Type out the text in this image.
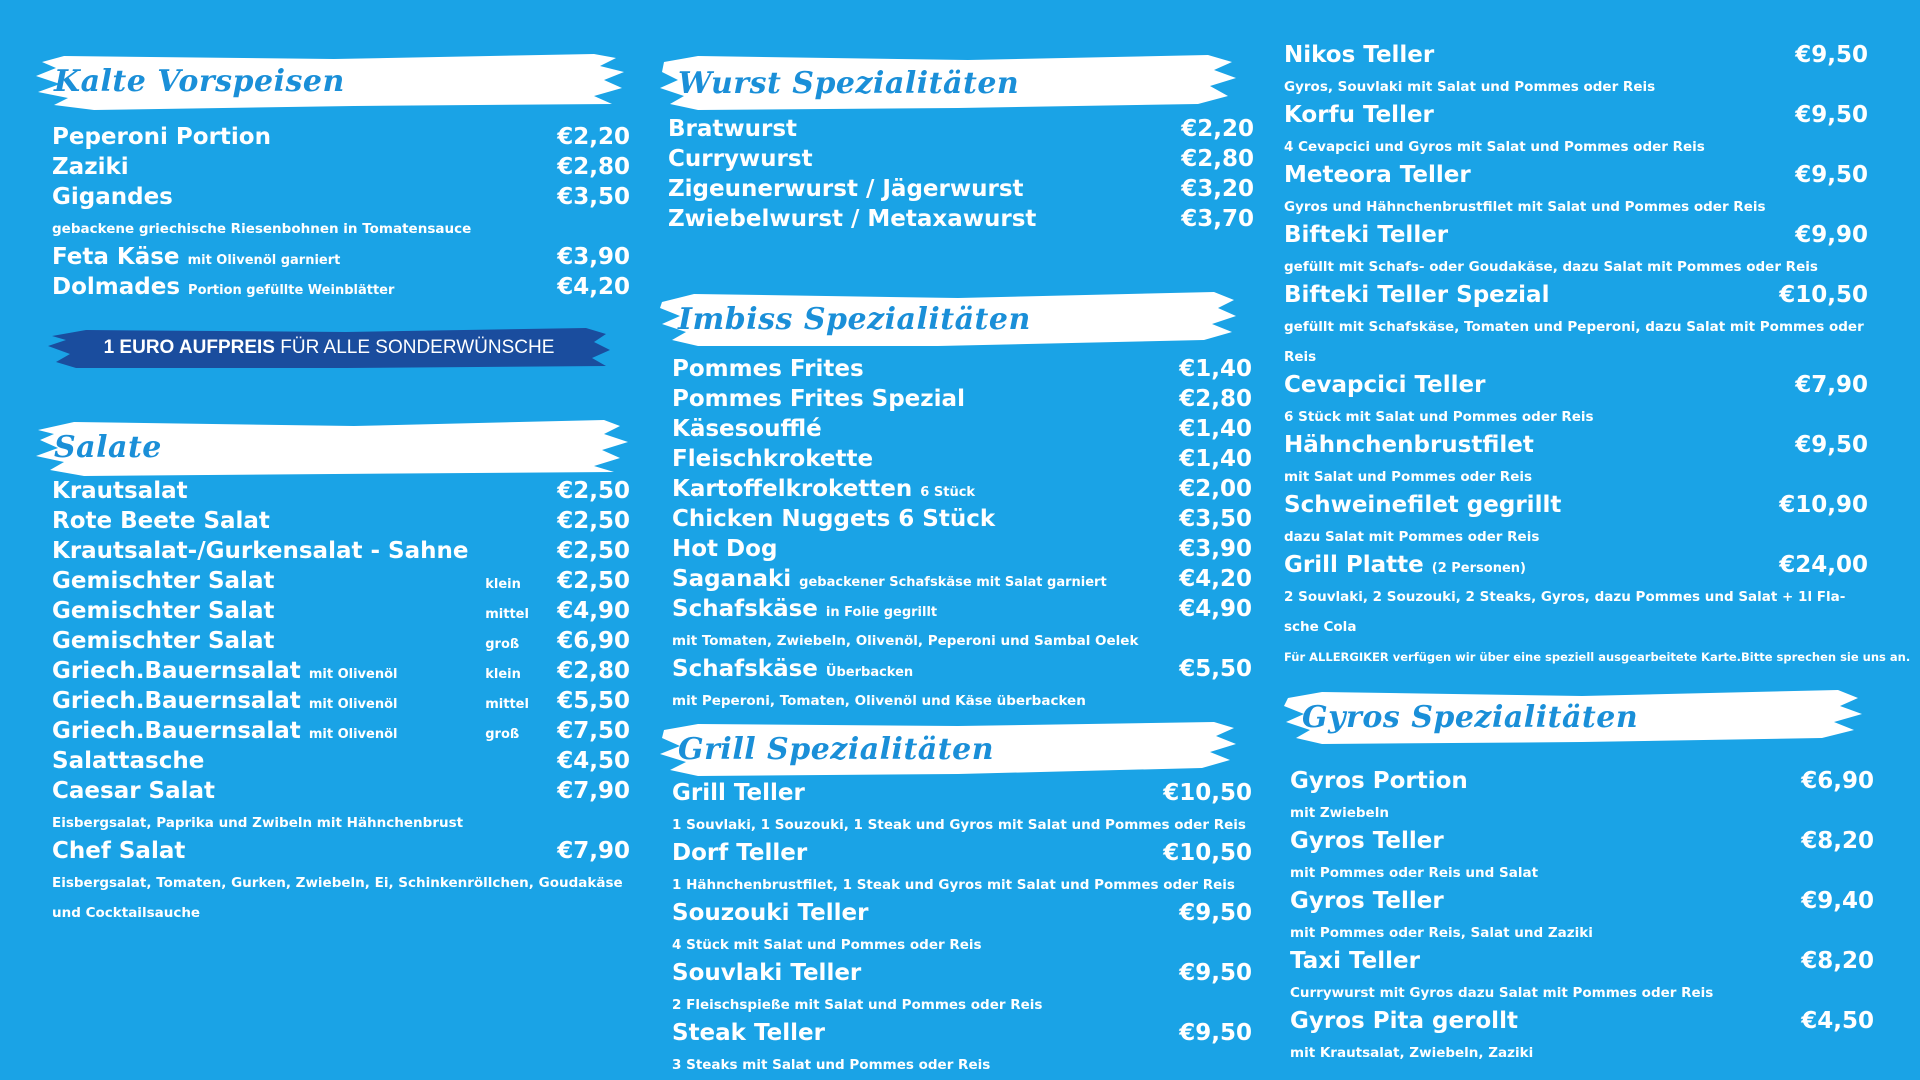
Kalte Vorspeisen
Peperoni Portion	€2,20
Zaziki	€2,80
Gigandes	€3,50
gebackene griechische Riesenbohnen in Tomatensauce
Feta Käse mit Olivenöl garniert	€3,90
Dolmades Portion gefüllte Weinblätter	€4,20
1 EURO AUFPREIS FÜR ALLE SONDERWÜNSCHE
Salate
Krautsalat	€2,50
Rote Beete Salat	€2,50
Krautsalat-/Gurkensalat - Sahne	€2,50
Gemischter Salat	klein	€2,50
Gemischter Salat	mittel	€4,90
Gemischter Salat	groß	€6,90
Griech.Bauernsalat mit Olivenöl	klein	€2,80
Griech.Bauernsalat mit Olivenöl	mittel	€5,50
Griech.Bauernsalat mit Olivenöl	groß	€7,50
Salattasche	€4,50
Caesar Salat	€7,90
Eisbergsalat, Paprika und Zwibeln mit Hähnchenbrust
Chef Salat	€7,90
Eisbergsalat, Tomaten, Gurken, Zwiebeln, Ei, Schinkenröllchen, Goudakäse und Cocktailsauche
Wurst Spezialitäten
Bratwurst	€2,20
Currywurst	€2,80
Zigeunerwurst / Jägerwurst	€3,20
Zwiebelwurst / Metaxawurst	€3,70
Imbiss Spezialitäten
Pommes Frites	€1,40
Pommes Frites Spezial	€2,80
Käsesoufflé	€1,40
Fleischkrokette	€1,40
Kartoffelkroketten 6 Stück	€2,00
Chicken Nuggets 6 Stück	€3,50
Hot Dog	€3,90
Saganaki gebackener Schafskäse mit Salat garniert	€4,20
Schafskäse in Folie gegrillt	€4,90
mit Tomaten, Zwiebeln, Olivenöl, Peperoni und Sambal Oelek
Schafskäse Überbacken	€5,50
mit Peperoni, Tomaten, Olivenöl und Käse überbacken
Grill Spezialitäten
Grill Teller	€10,50
1 Souvlaki, 1 Souzouki, 1 Steak und Gyros mit Salat und Pommes oder Reis
Dorf Teller	€10,50
1 Hähnchenbrustfilet, 1 Steak und Gyros mit Salat und Pommes oder Reis
Souzouki Teller	€9,50
4 Stück mit Salat und Pommes oder Reis
Souvlaki Teller	€9,50
2 Fleischspieße mit Salat und Pommes oder Reis
Steak Teller	€9,50
3 Steaks mit Salat und Pommes oder Reis
Nikos Teller	€9,50
Gyros, Souvlaki mit Salat und Pommes oder Reis
Korfu Teller	€9,50
4 Cevapcici und Gyros mit Salat und Pommes oder Reis
Meteora Teller	€9,50
Gyros und Hähnchenbrustfilet mit Salat und Pommes oder Reis
Bifteki Teller	€9,90
gefüllt mit Schafs- oder Goudakäse, dazu Salat mit Pommes oder Reis
Bifteki Teller Spezial	€10,50
gefüllt mit Schafskäse, Tomaten und Peperoni, dazu Salat mit Pommes oder Reis
Cevapcici Teller	€7,90
6 Stück mit Salat und Pommes oder Reis
Hähnchenbrustfilet	€9,50
mit Salat und Pommes oder Reis
Schweinefilet gegrillt	€10,90
dazu Salat mit Pommes oder Reis
Grill Platte (2 Personen)	€24,00
2 Souvlaki, 2 Souzouki, 2 Steaks, Gyros, dazu Pommes und Salat + 1l Fla-sche Cola
Für ALLERGIKER verfügen wir über eine speziell ausgearbeitete Karte.Bitte sprechen sie uns an.
Gyros Spezialitäten
Gyros Portion	€6,90
mit Zwiebeln
Gyros Teller	€8,20
mit Pommes oder Reis und Salat
Gyros Teller	€9,40
mit Pommes oder Reis, Salat und Zaziki
Taxi Teller	€8,20
Currywurst mit Gyros dazu Salat mit Pommes oder Reis
Gyros Pita gerollt	€4,50
mit Krautsalat, Zwiebeln, Zaziki
